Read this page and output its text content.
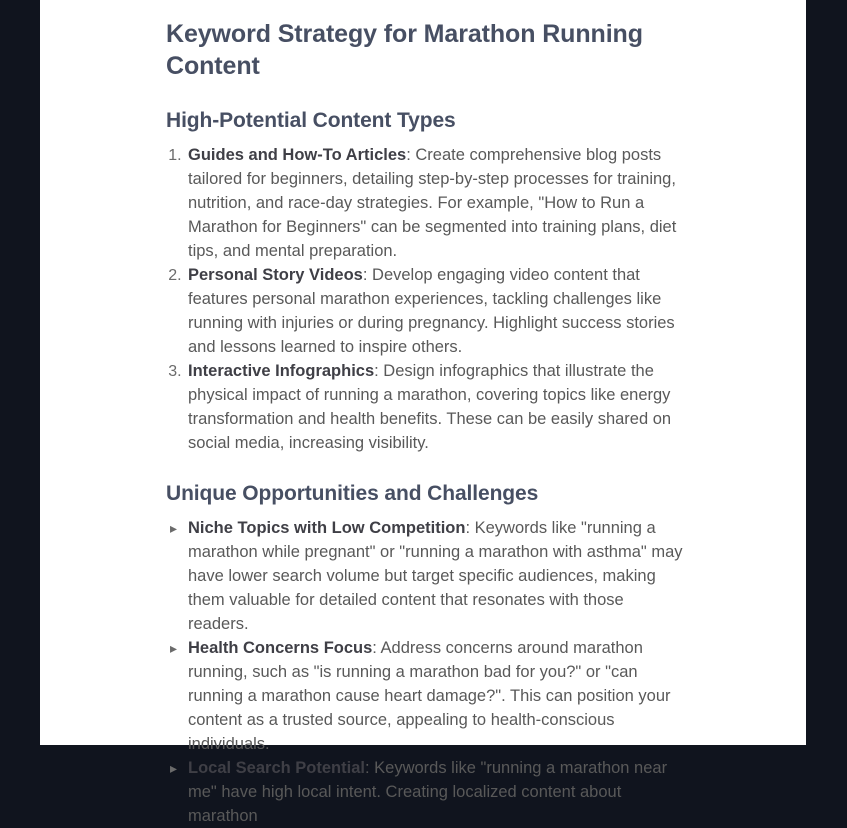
Keyword Strategy for Marathon Running Content
High-Potential Content Types
1. Guides and How-To Articles: Create comprehensive blog posts tailored for beginners, detailing step-by-step processes for training, nutrition, and race-day strategies. For example, "How to Run a Marathon for Beginners" can be segmented into training plans, diet tips, and mental preparation.
2. Personal Story Videos: Develop engaging video content that features personal marathon experiences, tackling challenges like running with injuries or during pregnancy. Highlight success stories and lessons learned to inspire others.
3. Interactive Infographics: Design infographics that illustrate the physical impact of running a marathon, covering topics like energy transformation and health benefits. These can be easily shared on social media, increasing visibility.
Unique Opportunities and Challenges
▸ Niche Topics with Low Competition: Keywords like "running a marathon while pregnant" or "running a marathon with asthma" may have lower search volume but target specific audiences, making them valuable for detailed content that resonates with those readers.
▸ Health Concerns Focus: Address concerns around marathon running, such as "is running a marathon bad for you?" or "can running a marathon cause heart damage?". This can position your content as a trusted source, appealing to health-conscious individuals.
▸ Local Search Potential: Keywords like "running a marathon near me" have high local intent. Creating localized content about marathon
